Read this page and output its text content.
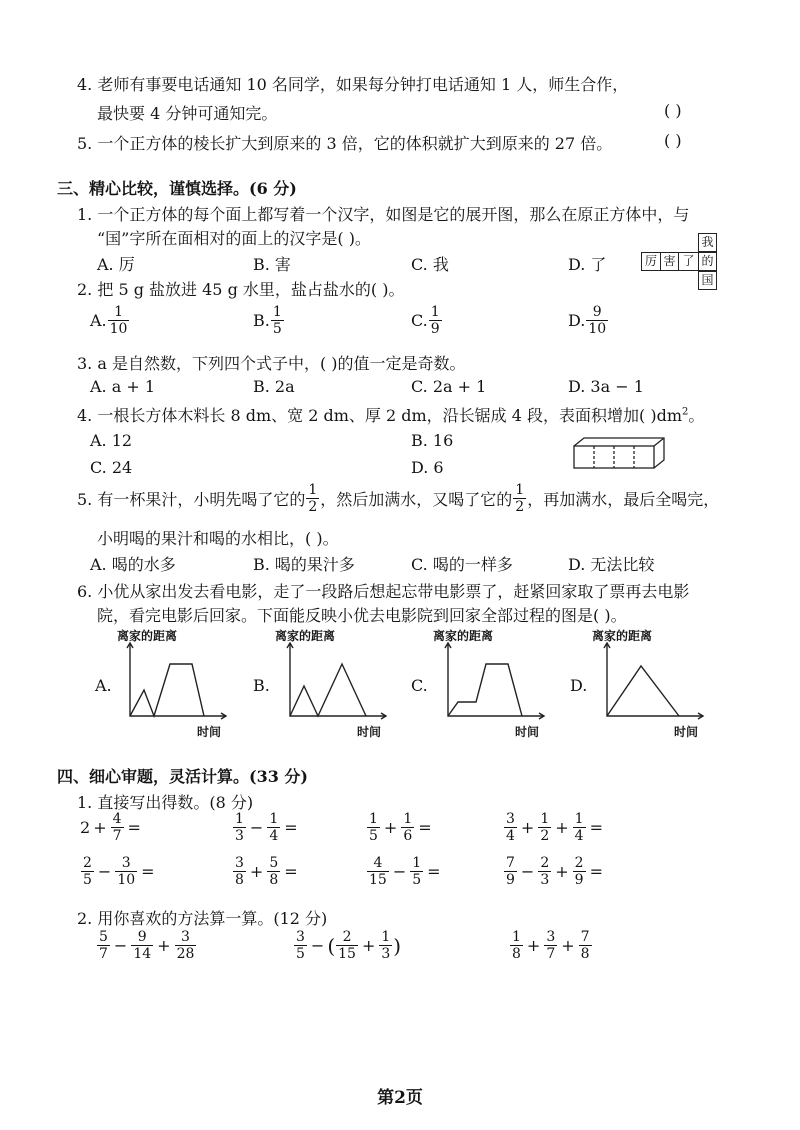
4. 老师有事要电话通知 10 名同学，如果每分钟打电话通知 1 人，师生合作，
最快要 4 分钟可通知完。	( )
5. 一个正方体的棱长扩大到原来的 3 倍，它的体积就扩大到原来的 27 倍。	( )
三、精心比较，谨慎选择。(6 分)
1. 一个正方体的每个面上都写着一个汉字，如图是它的展开图，那么在原正方体中，与
“国”字所在面相对的面上的汉字是( )。
A. 厉	B. 害	C. 我	D. 了
我
厉 害 了 的
国
2. 把 5 g 盐放进 45 g 水里，盐占盐水的( )。
A. $\frac{1}{10}$	B. $\frac{1}{5}$	C. $\frac{1}{9}$	D. $\frac{9}{10}$
3. a 是自然数，下列四个式子中，( )的值一定是奇数。
A. a + 1	B. 2a	C. 2a + 1	D. 3a − 1
4. 一根长方体木料长 8 dm、宽 2 dm、厚 2 dm，沿长锯成 4 段，表面积增加( )$dm^2$。
A. 12	B. 16
C. 24	D. 6
5. 有一杯果汁，小明先喝了它的 $\frac{1}{2}$ ，然后加满水，又喝了它的 $\frac{1}{2}$ ，再加满水，最后全喝完，
小明喝的果汁和喝的水相比，( )。
A. 喝的水多	B. 喝的果汁多	C. 喝的一样多	D. 无法比较
6. 小优从家出发去看电影，走了一段路后想起忘带电影票了，赶紧回家取了票再去电影
院，看完电影后回家。下面能反映小优去电影院到回家全部过程的图是( )。
离家的距离
A.
时间
离家的距离
B.
时间
离家的距离
C.
时间
离家的距离
D.
时间
四、细心审题，灵活计算。(33 分)
1. 直接写出得数。(8 分)
$2 + \frac{4}{7}$ =	$\frac{1}{3} - \frac{1}{4}$ =	$\frac{1}{5} + \frac{1}{6}$ =	$\frac{3}{4} + \frac{1}{2} + \frac{1}{4}$ =
$\frac{2}{5} - \frac{3}{10}$ =	$\frac{3}{8} + \frac{5}{8}$ =	$\frac{4}{15} - \frac{1}{5}$ =	$\frac{7}{9} - \frac{2}{3} + \frac{2}{9}$ =
2. 用你喜欢的方法算一算。(12 分)
$\frac{5}{7} - \frac{9}{14} + \frac{3}{28}$	$\frac{3}{5}$ − ( $\frac{2}{15} + \frac{1}{3}$ )	$\frac{1}{8} + \frac{3}{7} + \frac{7}{8}$
第2页
